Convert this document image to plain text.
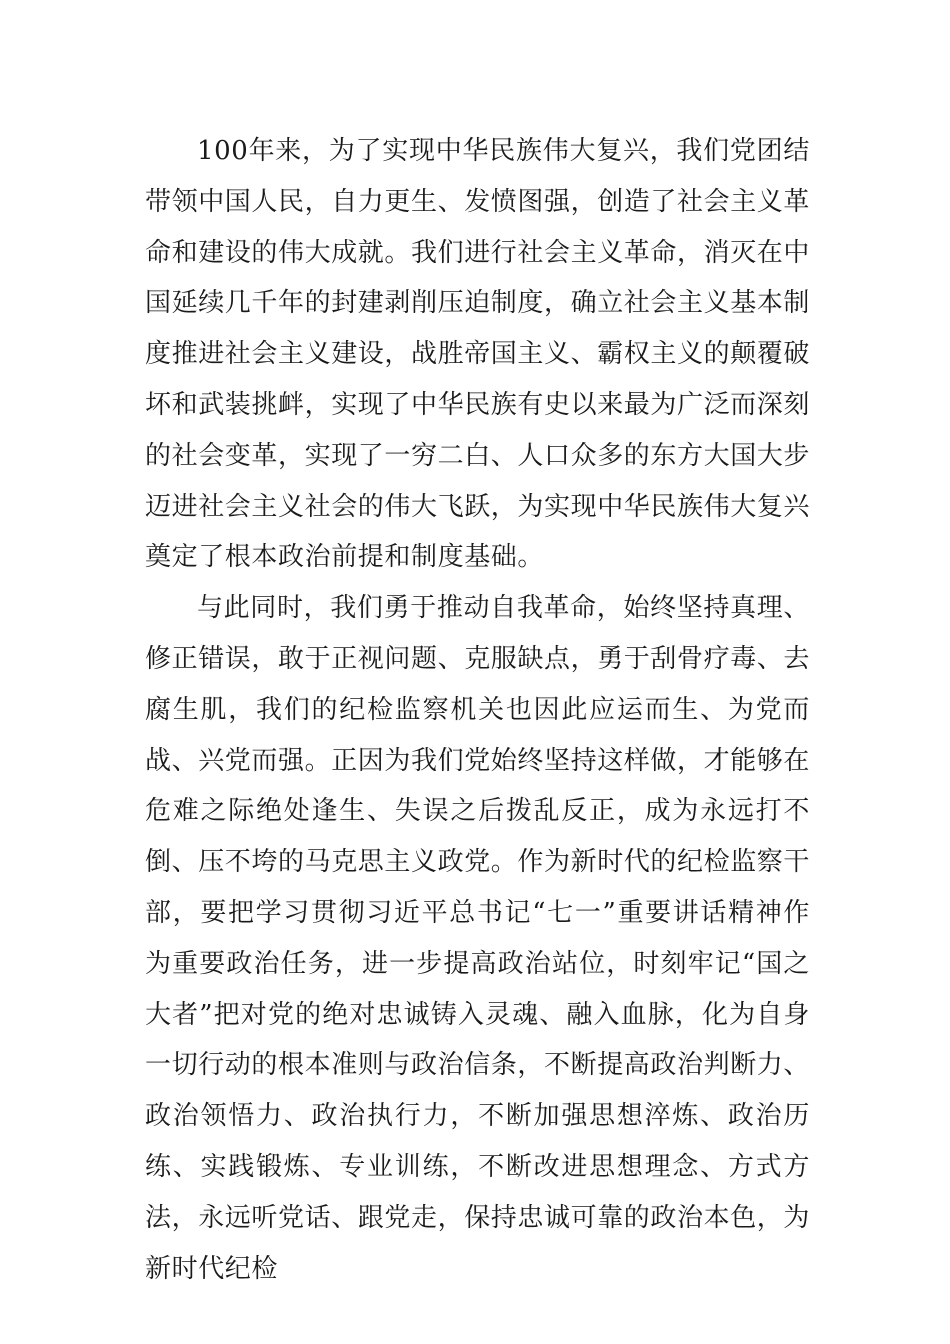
100年来，为了实现中华民族伟大复兴，我们党团结带领中国人民，自力更生、发愤图强，创造了社会主义革命和建设的伟大成就。我们进行社会主义革命，消灭在中国延续几千年的封建剥削压迫制度，确立社会主义基本制度推进社会主义建设，战胜帝国主义、霸权主义的颠覆破坏和武装挑衅，实现了中华民族有史以来最为广泛而深刻的社会变革，实现了一穷二白、人口众多的东方大国大步迈进社会主义社会的伟大飞跃，为实现中华民族伟大复兴奠定了根本政治前提和制度基础。

与此同时，我们勇于推动自我革命，始终坚持真理、修正错误，敢于正视问题、克服缺点，勇于刮骨疗毒、去腐生肌，我们的纪检监察机关也因此应运而生、为党而战、兴党而强。正因为我们党始终坚持这样做，才能够在危难之际绝处逢生、失误之后拨乱反正，成为永远打不倒、压不垮的马克思主义政党。作为新时代的纪检监察干部，要把学习贯彻习近平总书记“七一”重要讲话精神作为重要政治任务，进一步提高政治站位，时刻牢记“国之大者”把对党的绝对忠诚铸入灵魂、融入血脉，化为自身一切行动的根本准则与政治信条，不断提高政治判断力、政治领悟力、政治执行力，不断加强思想淬炼、政治历练、实践锻炼、专业训练，不断改进思想理念、方式方法，永远听党话、跟党走，保持忠诚可靠的政治本色，为新时代纪检
